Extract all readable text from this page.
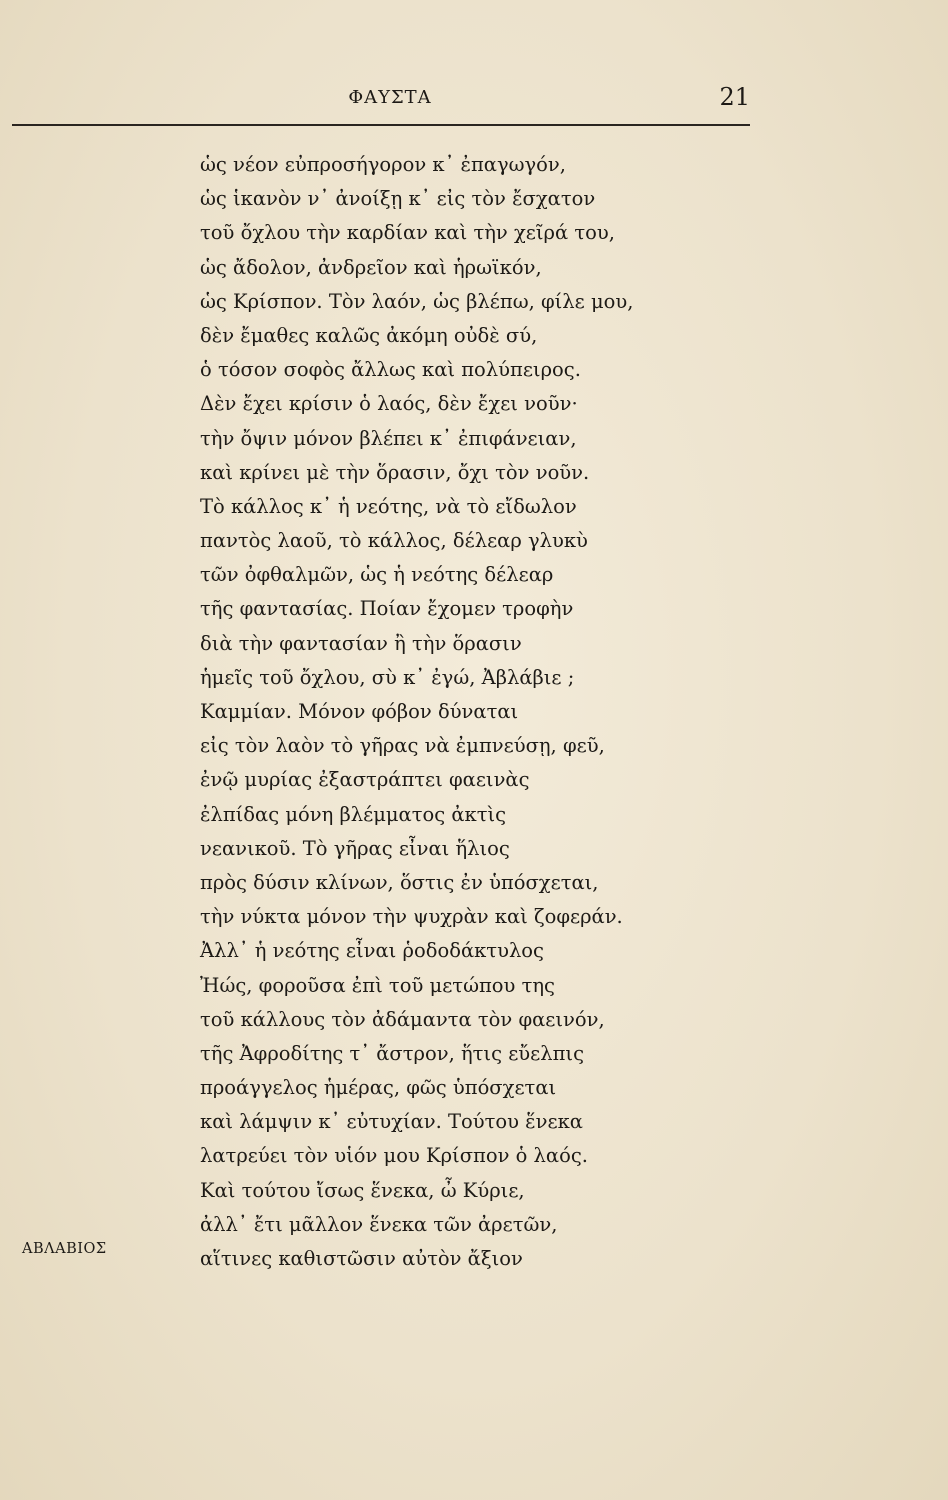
ΦΑΥΣΤΑ	21
ὡς νέον εὐπροσήγορον κ᾽ ἐπαγωγόν,
ὡς ἱκανὸν ν᾽ ἀνοίξῃ κ᾽ εἰς τὸν ἔσχατον
τοῦ ὄχλου τὴν καρδίαν καὶ τὴν χεῖρά του,
ὡς ἄδολον, ἀνδρεῖον καὶ ἡρωϊκόν,
ὡς Κρίσπον. Τὸν λαόν, ὡς βλέπω, φίλε μου,
δὲν ἔμαθες καλῶς ἀκόμη οὐδὲ σύ,
ὁ τόσον σοφὸς ἄλλως καὶ πολύπειρος.
Δὲν ἔχει κρίσιν ὁ λαός, δὲν ἔχει νοῦν·
τὴν ὄψιν μόνον βλέπει κ᾽ ἐπιφάνειαν,
καὶ κρίνει μὲ τὴν ὅρασιν, ὄχι τὸν νοῦν.
Τὸ κάλλος κ᾽ ἡ νεότης, νὰ τὸ εἴδωλον
παντὸς λαοῦ, τὸ κάλλος, δέλεαρ γλυκὺ
τῶν ὀφθαλμῶν, ὡς ἡ νεότης δέλεαρ
τῆς φαντασίας. Ποίαν ἔχομεν τροφὴν
διὰ τὴν φαντασίαν ἢ τὴν ὅρασιν
ἡμεῖς τοῦ ὄχλου, σὺ κ᾽ ἐγώ, Ἀβλάβιε ;
Καμμίαν. Μόνον φόβον δύναται
εἰς τὸν λαὸν τὸ γῆρας νὰ ἐμπνεύσῃ, φεῦ,
ἐνῷ μυρίας ἐξαστράπτει φαεινὰς
ἐλπίδας μόνη βλέμματος ἀκτὶς
νεανικοῦ. Τὸ γῆρας εἶναι ἥλιος
πρὸς δύσιν κλίνων, ὅστις ἐν ὑπόσχεται,
τὴν νύκτα μόνον τὴν ψυχρὰν καὶ ζοφεράν.
Ἀλλ᾽ ἡ νεότης εἶναι ῥοδοδάκτυλος
Ἠώς, φοροῦσα ἐπὶ τοῦ μετώπου της
τοῦ κάλλους τὸν ἀδάμαντα τὸν φαεινόν,
τῆς Ἀφροδίτης τ᾽ ἄστρον, ἥτις εὔελπις
προάγγελος ἡμέρας, φῶς ὑπόσχεται
καὶ λάμψιν κ᾽ εὐτυχίαν. Τούτου ἕνεκα
λατρεύει τὸν υἱόν μου Κρίσπον ὁ λαός.
Καὶ τούτου ἴσως ἕνεκα, ὦ Κύριε,
ἀλλ᾽ ἔτι μᾶλλον ἕνεκα τῶν ἀρετῶν,
αἵτινες καθιστῶσιν αὐτὸν ἄξιον
ΑΒΛΑΒΙΟΣ
